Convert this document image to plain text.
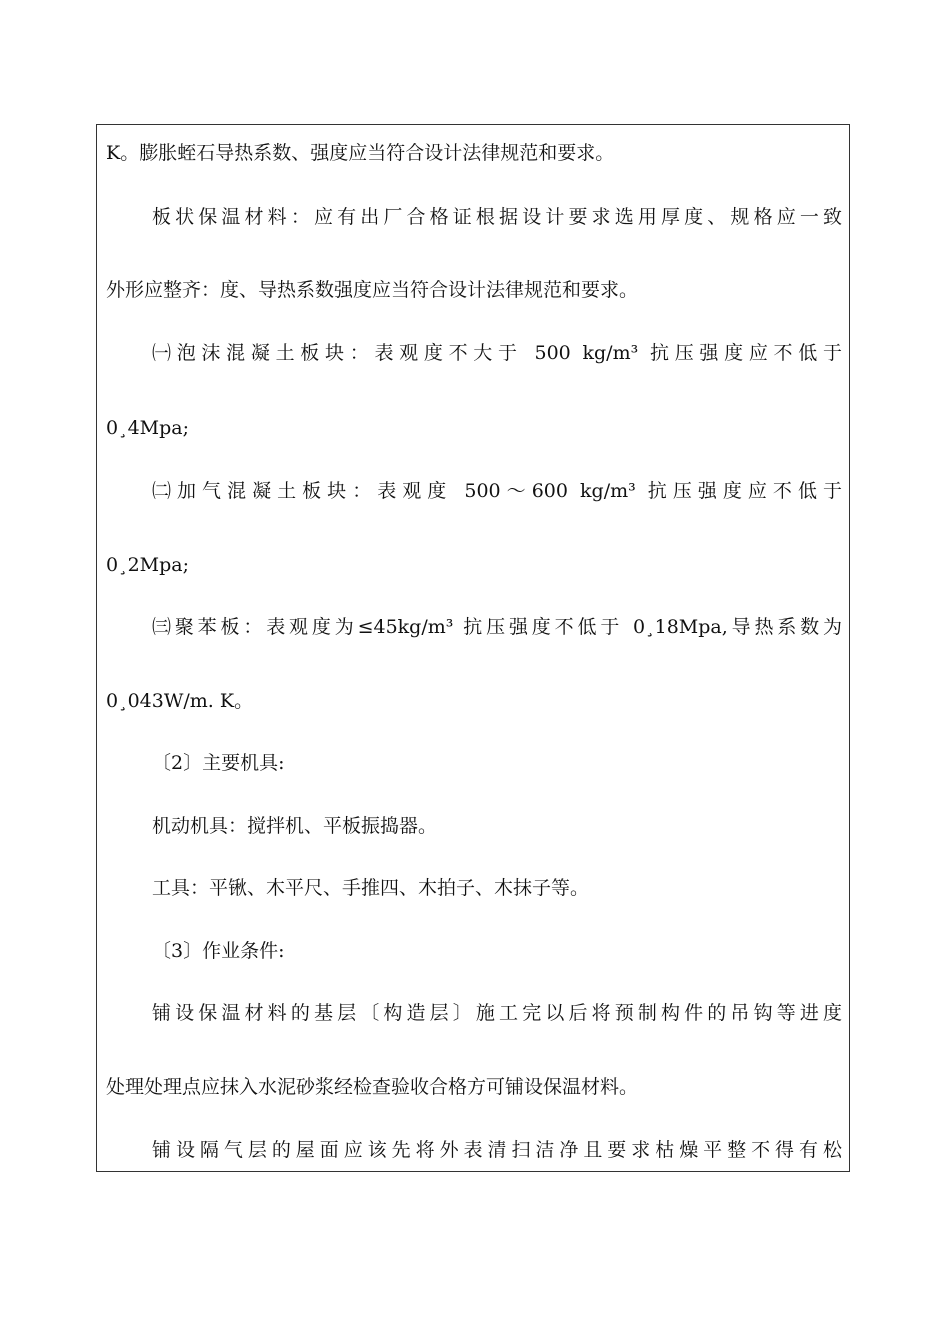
K。膨胀蛭石导热系数、强度应当符合设计法律规范和要求。

板状保温材料：应有出厂合格证根据设计要求选用厚度、规格应一致

外形应整齐：度、导热系数强度应当符合设计法律规范和要求。

㈠泡沫混凝土板块：表观度不大于 500 kg/m³ 抗压强度应不低于

0¸4Mpa;

㈡加气混凝土板块：表观度 500～600 kg/m³ 抗压强度应不低于

0¸2Mpa;

㈢聚苯板：表观度为≤45kg/m³ 抗压强度不低于 0¸18Mpa,导热系数为

0¸043W/m. K。

〔2〕主要机具:

机动机具：搅拌机、平板振捣器。

工具：平锹、木平尺、手推四、木拍子、木抹子等。

〔3〕作业条件:

铺设保温材料的基层〔构造层〕施工完以后将预制构件的吊钩等进度

处理处理点应抹入水泥砂浆经检查验收合格方可铺设保温材料。

铺设隔气层的屋面应该先将外表清扫洁净且要求枯燥平整不得有松
